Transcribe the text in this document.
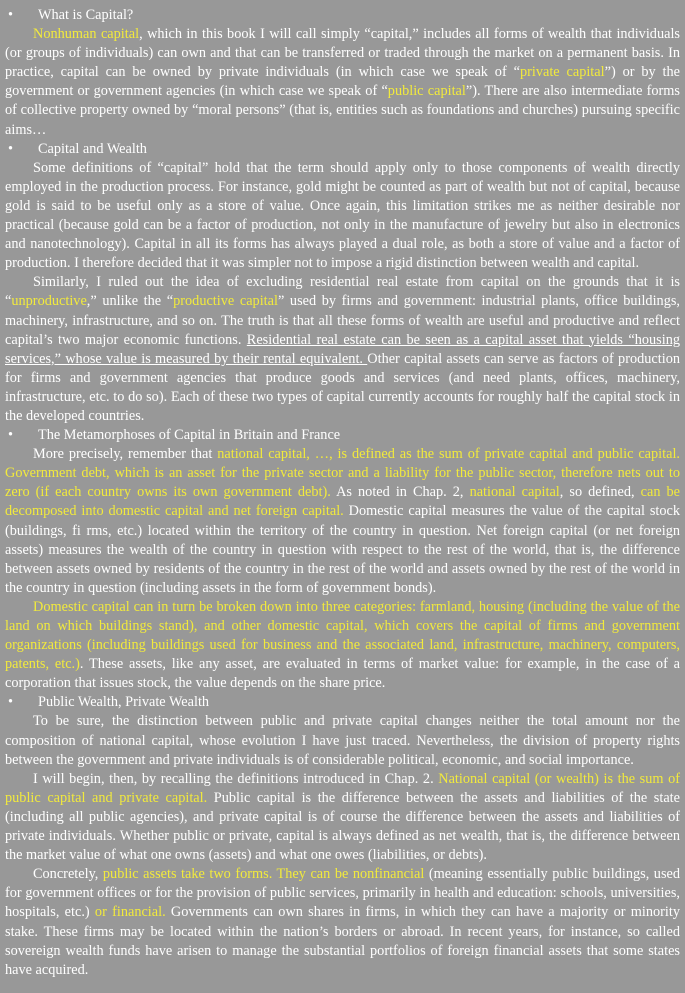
• What is Capital?

Nonhuman capital, which in this book I will call simply “capital,” includes all forms of wealth that individuals (or groups of individuals) can own and that can be transferred or traded through the market on a permanent basis. In practice, capital can be owned by private individuals (in which case we speak of “private capital”) or by the government or government agencies (in which case we speak of “public capital”). There are also intermediate forms of collective property owned by “moral persons” (that is, entities such as foundations and churches) pursuing specific aims…

• Capital and Wealth

Some definitions of “capital” hold that the term should apply only to those components of wealth directly employed in the production process. For instance, gold might be counted as part of wealth but not of capital, because gold is said to be useful only as a store of value. Once again, this limitation strikes me as neither desirable nor practical (because gold can be a factor of production, not only in the manufacture of jewelry but also in electronics and nanotechnology). Capital in all its forms has always played a dual role, as both a store of value and a factor of production. I therefore decided that it was simpler not to impose a rigid distinction between wealth and capital.

Similarly, I ruled out the idea of excluding residential real estate from capital on the grounds that it is “unproductive,” unlike the “productive capital” used by firms and government: industrial plants, office buildings, machinery, infrastructure, and so on. The truth is that all these forms of wealth are useful and productive and reflect capital’s two major economic functions. Residential real estate can be seen as a capital asset that yields “housing services,” whose value is measured by their rental equivalent. Other capital assets can serve as factors of production for firms and government agencies that produce goods and services (and need plants, offices, machinery, infrastructure, etc. to do so). Each of these two types of capital currently accounts for roughly half the capital stock in the developed countries.

• The Metamorphoses of Capital in Britain and France

More precisely, remember that national capital, …, is defined as the sum of private capital and public capital. Government debt, which is an asset for the private sector and a liability for the public sector, therefore nets out to zero (if each country owns its own government debt). As noted in Chap. 2, national capital, so defined, can be decomposed into domestic capital and net foreign capital. Domestic capital measures the value of the capital stock (buildings, fi rms, etc.) located within the territory of the country in question. Net foreign capital (or net foreign assets) measures the wealth of the country in question with respect to the rest of the world, that is, the difference between assets owned by residents of the country in the rest of the world and assets owned by the rest of the world in the country in question (including assets in the form of government bonds).

Domestic capital can in turn be broken down into three categories: farmland, housing (including the value of the land on which buildings stand), and other domestic capital, which covers the capital of firms and government organizations (including buildings used for business and the associated land, infrastructure, machinery, computers, patents, etc.). These assets, like any asset, are evaluated in terms of market value: for example, in the case of a corporation that issues stock, the value depends on the share price.

• Public Wealth, Private Wealth

To be sure, the distinction between public and private capital changes neither the total amount nor the composition of national capital, whose evolution I have just traced. Nevertheless, the division of property rights between the government and private individuals is of considerable political, economic, and social importance.

I will begin, then, by recalling the definitions introduced in Chap. 2. National capital (or wealth) is the sum of public capital and private capital. Public capital is the difference between the assets and liabilities of the state (including all public agencies), and private capital is of course the difference between the assets and liabilities of private individuals. Whether public or private, capital is always defined as net wealth, that is, the difference between the market value of what one owns (assets) and what one owes (liabilities, or debts).

Concretely, public assets take two forms. They can be nonfinancial (meaning essentially public buildings, used for government offices or for the provision of public services, primarily in health and education: schools, universities, hospitals, etc.) or financial. Governments can own shares in firms, in which they can have a majority or minority stake. These firms may be located within the nation’s borders or abroad. In recent years, for instance, so called sovereign wealth funds have arisen to manage the substantial portfolios of foreign financial assets that some states have acquired.
